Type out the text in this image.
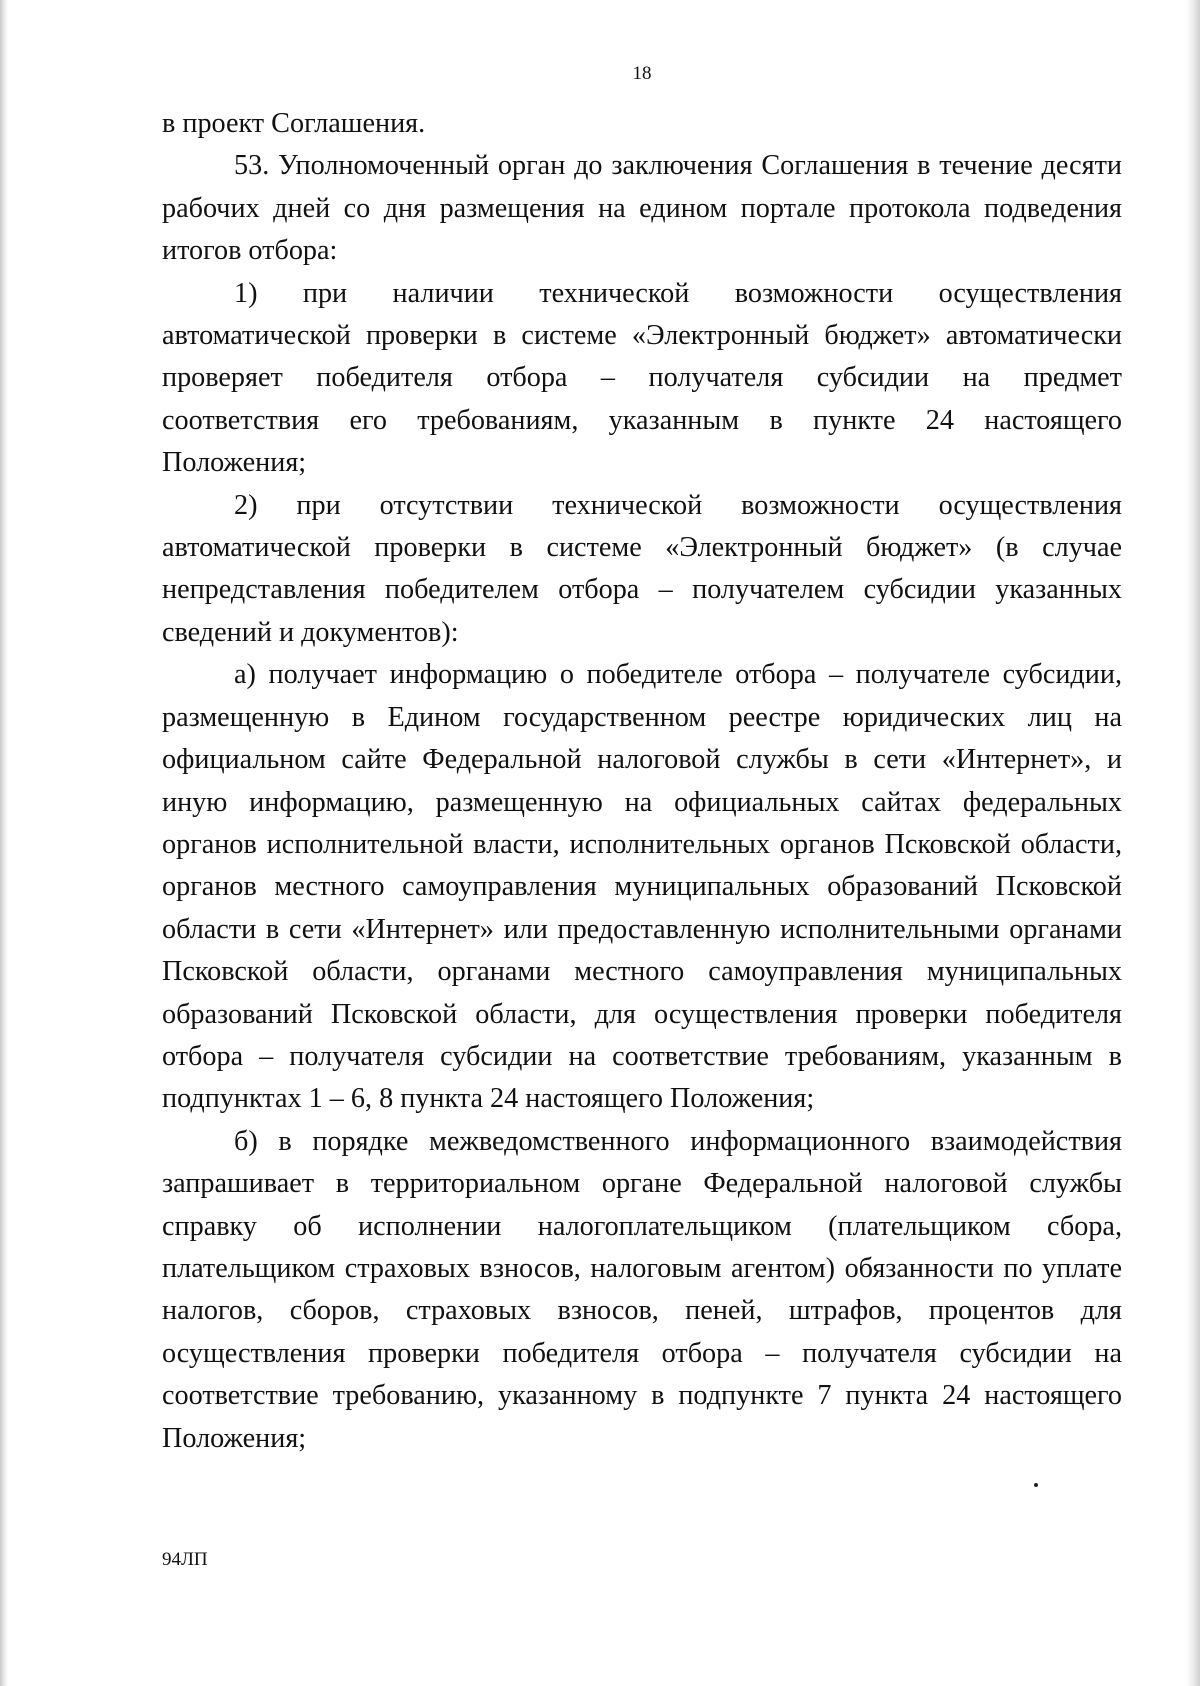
18

в проект Соглашения.

53. Уполномоченный орган до заключения Соглашения в течение десяти рабочих дней со дня размещения на едином портале протокола подведения итогов отбора:

1) при наличии технической возможности осуществления автоматической проверки в системе «Электронный бюджет» автоматически проверяет победителя отбора – получателя субсидии на предмет соответствия его требованиям, указанным в пункте 24 настоящего Положения;

2) при отсутствии технической возможности осуществления автоматической проверки в системе «Электронный бюджет» (в случае непредставления победителем отбора – получателем субсидии указанных сведений и документов):

а) получает информацию о победителе отбора – получателе субсидии, размещенную в Едином государственном реестре юридических лиц на официальном сайте Федеральной налоговой службы в сети «Интернет», и иную информацию, размещенную на официальных сайтах федеральных органов исполнительной власти, исполнительных органов Псковской области, органов местного самоуправления муниципальных образований Псковской области в сети «Интернет» или предоставленную исполнительными органами Псковской области, органами местного самоуправления муниципальных образований Псковской области, для осуществления проверки победителя отбора – получателя субсидии на соответствие требованиям, указанным в подпунктах 1 – 6, 8 пункта 24 настоящего Положения;

б) в порядке межведомственного информационного взаимодействия запрашивает в территориальном органе Федеральной налоговой службы справку об исполнении налогоплательщиком (плательщиком сбора, плательщиком страховых взносов, налоговым агентом) обязанности по уплате налогов, сборов, страховых взносов, пеней, штрафов, процентов для осуществления проверки победителя отбора – получателя субсидии на соответствие требованию, указанному в подпункте 7 пункта 24 настоящего Положения;

94ЛП
